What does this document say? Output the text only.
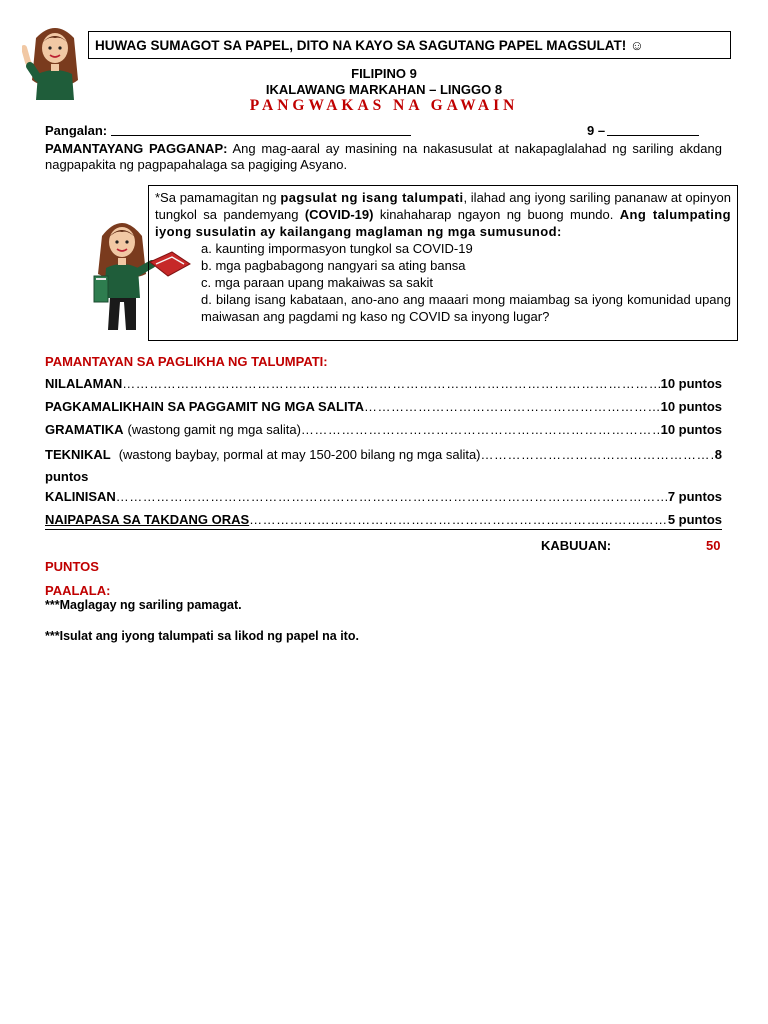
HUWAG SUMAGOT SA PAPEL, DITO NA KAYO SA SAGUTANG PAPEL MAGSULAT! ☺
FILIPINO 9
IKALAWANG MARKAHAN – LINGGO 8
PANGWAKAS NA GAWAIN
Pangalan:	9 –
PAMANTAYANG PAGGANAP: Ang mag-aaral ay masining na nakasusulat at nakapaglalahad ng sariling akdang nagpapakita ng pagpapahalaga sa pagiging Asyano.
*Sa pamamagitan ng pagsulat ng isang talumpati, ilahad ang iyong sariling pananaw at opinyon tungkol sa pandemyang (COVID-19) kinahaharap ngayon ng buong mundo. Ang talumpating iyong susulatin ay kailangang maglaman ng mga sumusunod:
a. kaunting impormasyon tungkol sa COVID-19
b. mga pagbabagong nangyari sa ating bansa
c. mga paraan upang makaiwas sa sakit
d. bilang isang kabataan, ano-ano ang maaari mong maiambag sa iyong komunidad upang maiwasan ang pagdami ng kaso ng COVID sa inyong lugar?
PAMANTAYAN SA PAGLIKHA NG TALUMPATI:
NILALAMAN …………………………………………………………………………………………………………………………………………	10 puntos
PAGKAMALIKHAIN SA PAGGAMIT NG MGA SALITA …………………………………………………………………………………………………………………………………………	10 puntos
GRAMATIKA (wastong gamit ng mga salita) …………………………………………………………………………………………………………………………………………	10 puntos
TEKNIKAL (wastong baybay, pormal at may 150-200 bilang ng mga salita) …………………………………………………………………	8
puntos
KALINISAN …………………………………………………………………………………………………………………………………………	7 puntos
NAIPAPASA SA TAKDANG ORAS …………………………………………………………………………………………………………………………………………	5 puntos
KABUUAN:	50
PUNTOS
PAALALA:
***Maglagay ng sariling pamagat.
***Isulat ang iyong talumpati sa likod ng papel na ito.
